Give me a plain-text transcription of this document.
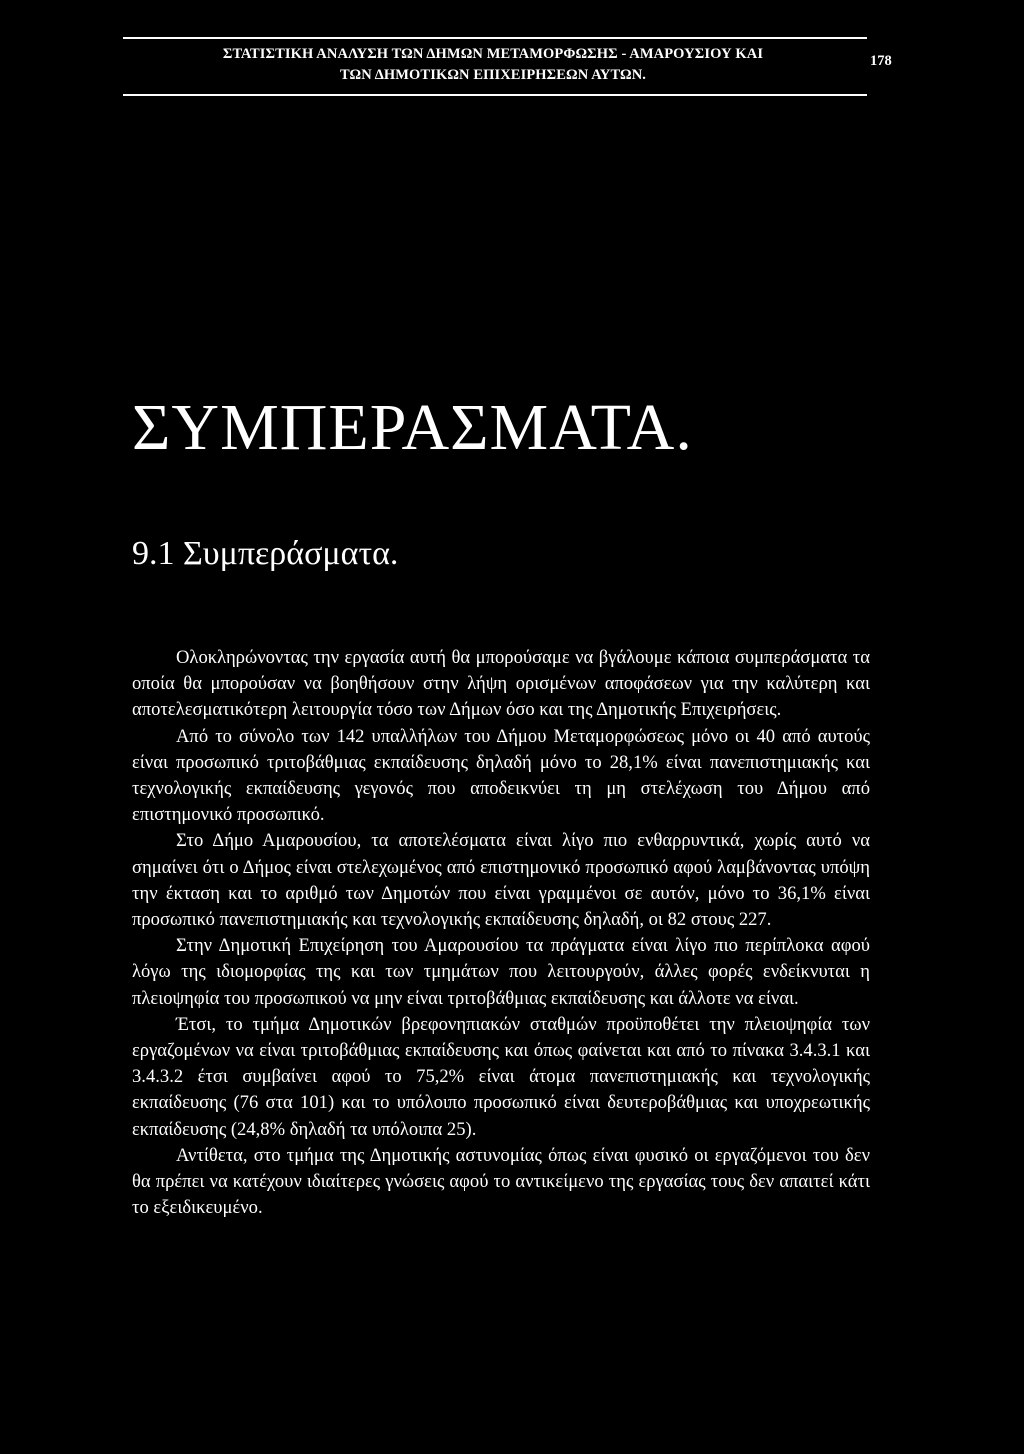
ΣΤΑΤΙΣΤΙΚΗ ΑΝΑΛΥΣΗ ΤΩΝ ΔΗΜΩΝ ΜΕΤΑΜΟΡΦΩΣΗΣ - ΑΜΑΡΟΥΣΙΟΥ ΚΑΙ
ΤΩΝ ΔΗΜΟΤΙΚΩΝ ΕΠΙΧΕΙΡΗΣΕΩΝ ΑΥΤΩΝ.
178
ΣΥΜΠΕΡΑΣΜΑΤΑ.
9.1 Συμπεράσματα.

Ολοκληρώνοντας την εργασία αυτή θα μπορούσαμε να βγάλουμε κάποια συμπεράσματα τα οποία θα μπορούσαν να βοηθήσουν στην λήψη ορισμένων αποφάσεων για την καλύτερη και αποτελεσματικότερη λειτουργία τόσο των Δήμων όσο και της Δημοτικής Επιχειρήσεις.

Από το σύνολο των 142 υπαλλήλων του Δήμου Μεταμορφώσεως μόνο οι 40 από αυτούς είναι προσωπικό τριτοβάθμιας εκπαίδευσης δηλαδή μόνο το 28,1% είναι πανεπιστημιακής και τεχνολογικής εκπαίδευσης γεγονός που αποδεικνύει τη μη στελέχωση του Δήμου από επιστημονικό προσωπικό.

Στο Δήμο Αμαρουσίου, τα αποτελέσματα είναι λίγο πιο ενθαρρυντικά, χωρίς αυτό να σημαίνει ότι ο Δήμος είναι στελεχωμένος από επιστημονικό προσωπικό αφού λαμβάνοντας υπόψη την έκταση και το αριθμό των Δημοτών που είναι γραμμένοι σε αυτόν, μόνο το 36,1% είναι προσωπικό πανεπιστημιακής και τεχνολογικής εκπαίδευσης δηλαδή, οι 82 στους 227.

Στην Δημοτική Επιχείρηση του Αμαρουσίου τα πράγματα είναι λίγο πιο περίπλοκα αφού λόγω της ιδιομορφίας της και των τμημάτων που λειτουργούν, άλλες φορές ενδείκνυται η πλειοψηφία του προσωπικού να μην είναι τριτοβάθμιας εκπαίδευσης και άλλοτε να είναι.

Έτσι, το τμήμα Δημοτικών βρεφονηπιακών σταθμών προϋποθέτει την πλειοψηφία των εργαζομένων να είναι τριτοβάθμιας εκπαίδευσης και όπως φαίνεται και από το πίνακα 3.4.3.1 και 3.4.3.2 έτσι συμβαίνει αφού το 75,2% είναι άτομα πανεπιστημιακής και τεχνολογικής εκπαίδευσης (76 στα 101) και το υπόλοιπο προσωπικό είναι δευτεροβάθμιας και υποχρεωτικής εκπαίδευσης (24,8% δηλαδή τα υπόλοιπα 25).

Αντίθετα, στο τμήμα της Δημοτικής αστυνομίας όπως είναι φυσικό οι εργαζόμενοι του δεν θα πρέπει να κατέχουν ιδιαίτερες γνώσεις αφού το αντικείμενο της εργασίας τους δεν απαιτεί κάτι το εξειδικευμένο.
